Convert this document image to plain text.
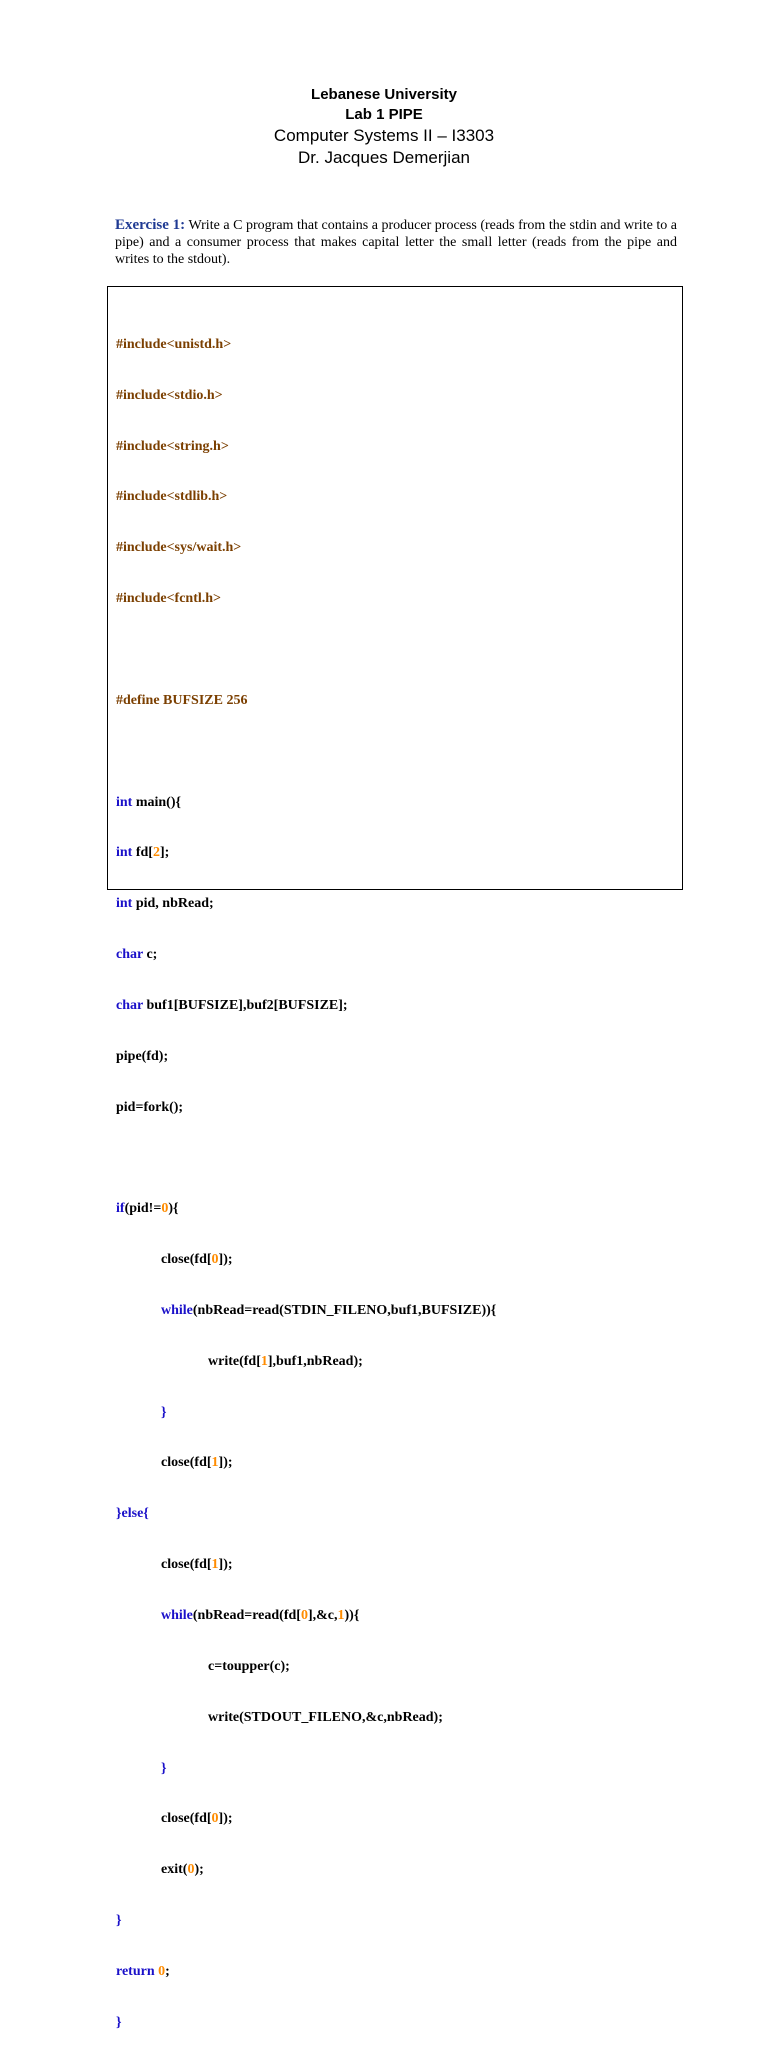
Lebanese University
Lab 1 PIPE
Computer Systems II – I3303
Dr. Jacques Demerjian
Exercise 1: Write a C program that contains a producer process (reads from the stdin and write to a pipe) and a consumer process that makes capital letter the small letter (reads from the pipe and writes to the stdout).

#include<unistd.h>

#include<stdio.h>

#include<string.h>

#include<stdlib.h>

#include<sys/wait.h>

#include<fcntl.h>

#define BUFSIZE 256

int main(){

int fd[2];

int pid, nbRead;

char c;

char buf1[BUFSIZE],buf2[BUFSIZE];

pipe(fd);

pid=fork();

if(pid!=0){

close(fd[0]);

while(nbRead=read(STDIN_FILENO,buf1,BUFSIZE)){

write(fd[1],buf1,nbRead);

}

close(fd[1]);

}else{

close(fd[1]);

while(nbRead=read(fd[0],&c,1)){

c=toupper(c);

write(STDOUT_FILENO,&c,nbRead);

}

close(fd[0]);

exit(0);

}

return 0;

}
